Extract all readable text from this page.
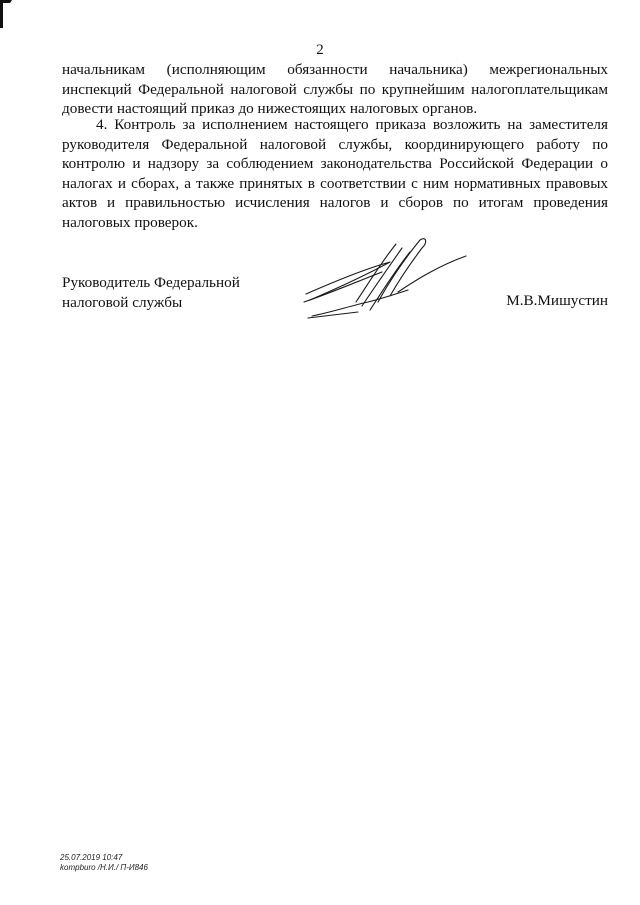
2
начальникам (исполняющим обязанности начальника) межрегиональных инспекций Федеральной налоговой службы по крупнейшим налогоплательщикам довести настоящий приказ до нижестоящих налоговых органов.
4. Контроль за исполнением настоящего приказа возложить на заместителя руководителя Федеральной налоговой службы, координирующего работу по контролю и надзору за соблюдением законодательства Российской Федерации о налогах и сборах, а также принятых в соответствии с ним нормативных правовых актов и правильностью исчисления налогов и сборов по итогам проведения налоговых проверок.
Руководитель Федеральной
налоговой службы	М.В.Мишустин
25.07.2019 10:47
kompburo /Н.И./ П-И846
